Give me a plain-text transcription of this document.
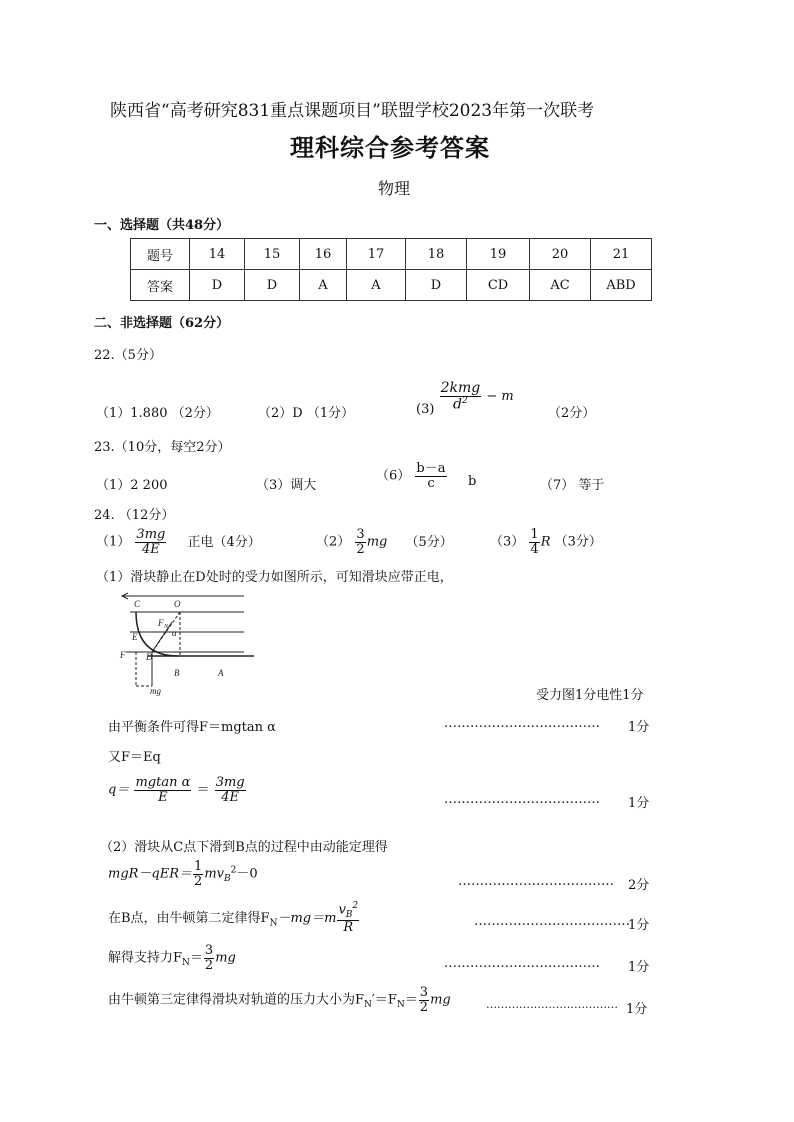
陕西省“高考研究831重点课题项目”联盟学校2023年第一次联考
理科综合参考答案
物理
一、选择题（共48分）
题号	14	15	16	17	18	19	20	21
答案	D	D	A	A	D	CD	AC	ABD
二、非选择题（62分）
22.（5分）
（1）1.880 （2分）	（2）D （1分）	$(3) \frac{\text{2kmg}}{d^2} - m$
（2分）
23.（10分，每空2分）
（1）2 200	（3）调大
$(6) \frac{b-a}{c}$ b	（7） 等于
24. （12分）
$(1) \frac{3mg}{4E}$ 正电（4分）	$(2) \frac{3}{2}$ mg （5分）	$(3) \frac{1}{4}$ R （3分）
（1）滑块静止在D处时的受力如图所示，可知滑块应带正电，
C	O
F N
α
E
F D
B	A
mg	受力图1分电性1分
由平衡条件可得F＝mgtan α	……………………………… 1分
又F＝Eq
$q= \frac{\text{mgtan α}}{E} = \frac{3mg}{4E}$	……………………………… 1分
（2）滑块从C点下滑到B点的过程中由动能定理得
$mgR-qER= \frac{1}{2} mv_B^2-0$	……………………………… 2分
在B点，由牛顿第二定律得$F_N-mg=m \frac{v_B^2}{R}$	………………………………
1分
解得支持力$F_N= \frac{3}{2}$ mg	……………………………… 1分
由牛顿第三定律得滑块对轨道的压力大小为$F_N'=F_N= \frac{3}{2}$ mg	……………………………… 1分
